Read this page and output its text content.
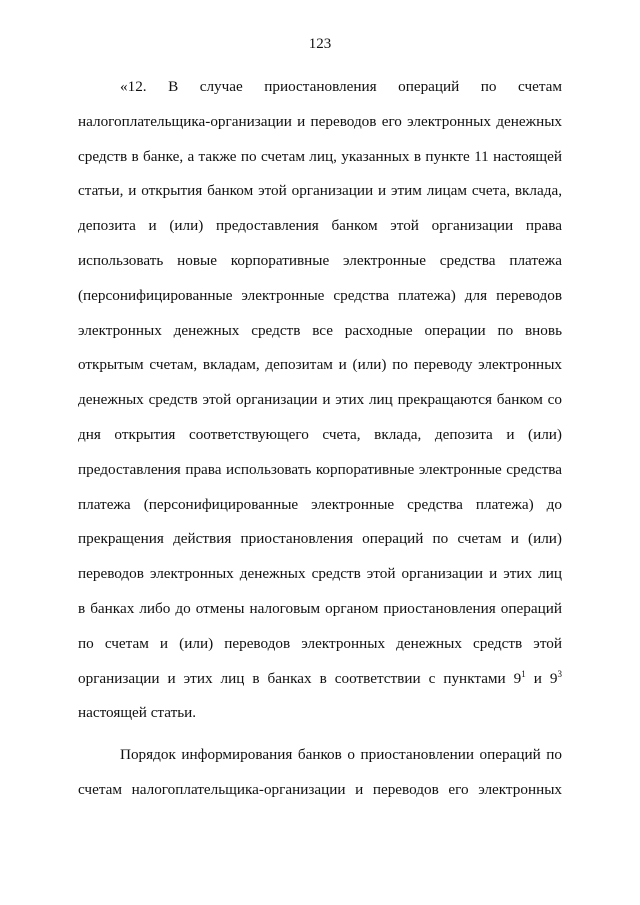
123
«12. В случае приостановления операций по счетам
налогоплательщика-организации и переводов его электронных денежных
средств в банке, а также по счетам лиц, указанных в пункте 11 настоящей
статьи, и открытия банком этой организации и этим лицам счета, вклада,
депозита и (или) предоставления банком этой организации права
использовать новые корпоративные электронные средства платежа
(персонифицированные электронные средства платежа) для переводов
электронных денежных средств все расходные операции по вновь
открытым счетам, вкладам, депозитам и (или) по переводу электронных
денежных средств этой организации и этих лиц прекращаются банком со
дня открытия соответствующего счета, вклада, депозита и (или)
предоставления права использовать корпоративные электронные средства
платежа (персонифицированные электронные средства платежа) до
прекращения действия приостановления операций по счетам и (или)
переводов электронных денежных средств этой организации и этих лиц
в банках либо до отмены налоговым органом приостановления операций
по счетам и (или) переводов электронных денежных средств этой
организации и этих лиц в банках в соответствии с пунктами $9^1$ и $9^3$
настоящей статьи.
Порядок информирования банков о приостановлении операций по
счетам налогоплательщика-организации и переводов его электронных
